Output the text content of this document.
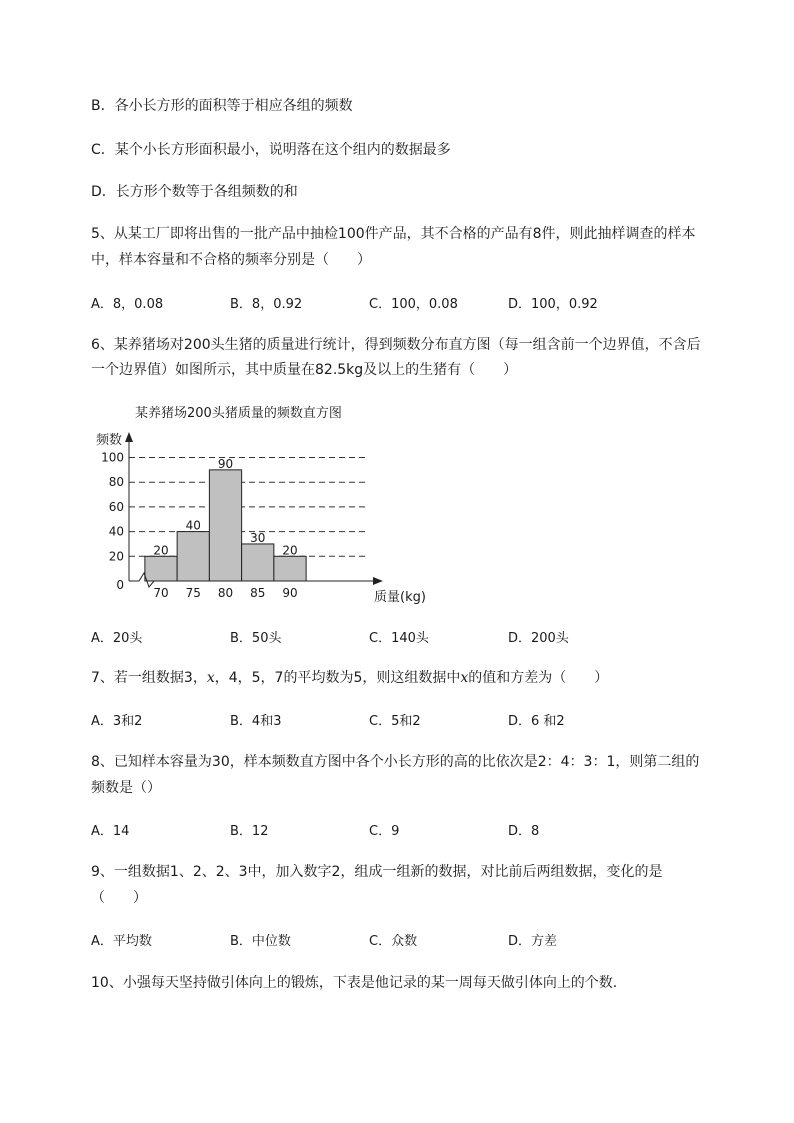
B．各小长方形的面积等于相应各组的频数
C．某个小长方形面积最小，说明落在这个组内的数据最多
D．长方形个数等于各组频数的和
5、从某工厂即将出售的一批产品中抽检100件产品，其不合格的产品有8件，则此抽样调查的样本
中，样本容量和不合格的频率分别是（　　）
A．8，0.08	B．8，0.92	C．100，0.08	D．100，0.92
6、某养猪场对200头生猪的质量进行统计，得到频数分布直方图（每一组含前一个边界值，不含后
一个边界值）如图所示，其中质量在82.5kg及以上的生猪有（　　）
某养猪场200头猪质量的频数直方图
频数
质量(kg)
20
40
90
30
20
0
20
40
60
80
100
70 75 80 85 90
A．20头	B．50头	C．140头	D．200头
7、若一组数据3，x，4，5，7的平均数为5，则这组数据中x的值和方差为（　　）
A．3和2	B．4和3	C．5和2	D．6 和2
8、已知样本容量为30，样本频数直方图中各个小长方形的高的比依次是2：4：3：1，则第二组的
频数是（）
A．14	B．12	C．9	D．8
9、一组数据1、2、2、3中，加入数字2，组成一组新的数据，对比前后两组数据，变化的是
（　　）
A．平均数	B．中位数	C．众数	D．方差
10、小强每天坚持做引体向上的锻炼，下表是他记录的某一周每天做引体向上的个数.
